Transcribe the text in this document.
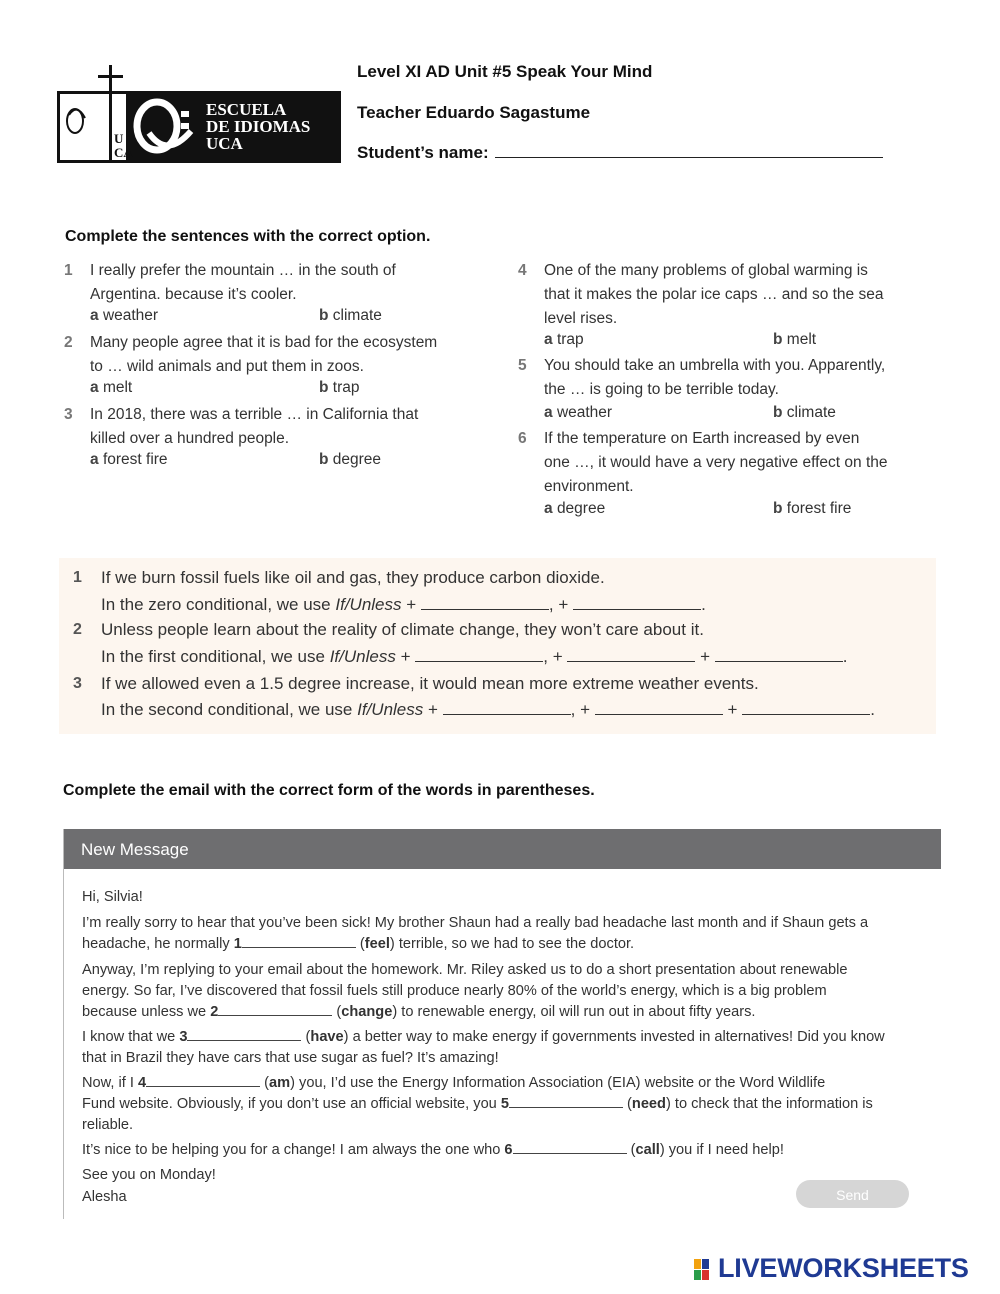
U
CA
ESCUELA
DE IDIOMAS
UCA
Level XI AD Unit #5 Speak Your Mind
Teacher Eduardo Sagastume
Student’s name:
Complete the sentences with the correct option.
1 I really prefer the mountain … in the south of
Argentina. because it’s cooler.
a weather	b climate
2 Many people agree that it is bad for the ecosystem
to … wild animals and put them in zoos.
a melt	b trap
3 In 2018, there was a terrible … in California that
killed over a hundred people.
a forest fire	b degree
4 One of the many problems of global warming is
that it makes the polar ice caps … and so the sea
level rises.
a trap	b melt
5 You should take an umbrella with you. Apparently,
the … is going to be terrible today.
a weather	b climate
6 If the temperature on Earth increased by even
one …, it would have a very negative effect on the
environment.
a degree	b forest fire
1 If we burn fossil fuels like oil and gas, they produce carbon dioxide.
In the zero conditional, we use If/Unless +	, +	.
2 Unless people learn about the reality of climate change, they won’t care about it.
In the first conditional, we use If/Unless +	, +	+	.
3 If we allowed even a 1.5 degree increase, it would mean more extreme weather events.
In the second conditional, we use If/Unless +	, +	+	.
Complete the email with the correct form of the words in parentheses.
New Message
Hi, Silvia!
I’m really sorry to hear that you’ve been sick! My brother Shaun had a really bad headache last month and if Shaun gets a
headache, he normally 1	(feel) terrible, so we had to see the doctor.
Anyway, I’m replying to your email about the homework. Mr. Riley asked us to do a short presentation about renewable
energy. So far, I’ve discovered that fossil fuels still produce nearly 80% of the world’s energy, which is a big problem
because unless we 2	(change) to renewable energy, oil will run out in about fifty years.
I know that we 3	(have) a better way to make energy if governments invested in alternatives! Did you know
that in Brazil they have cars that use sugar as fuel? It’s amazing!
Now, if I 4	(am) you, I’d use the Energy Information Association (EIA) website or the Word Wildlife
Fund website. Obviously, if you don’t use an official website, you 5	(need) to check that the information is
reliable.
It’s nice to be helping you for a change! I am always the one who 6	(call) you if I need help!
See you on Monday!
Alesha	Send
LIVEWORKSHEETS
